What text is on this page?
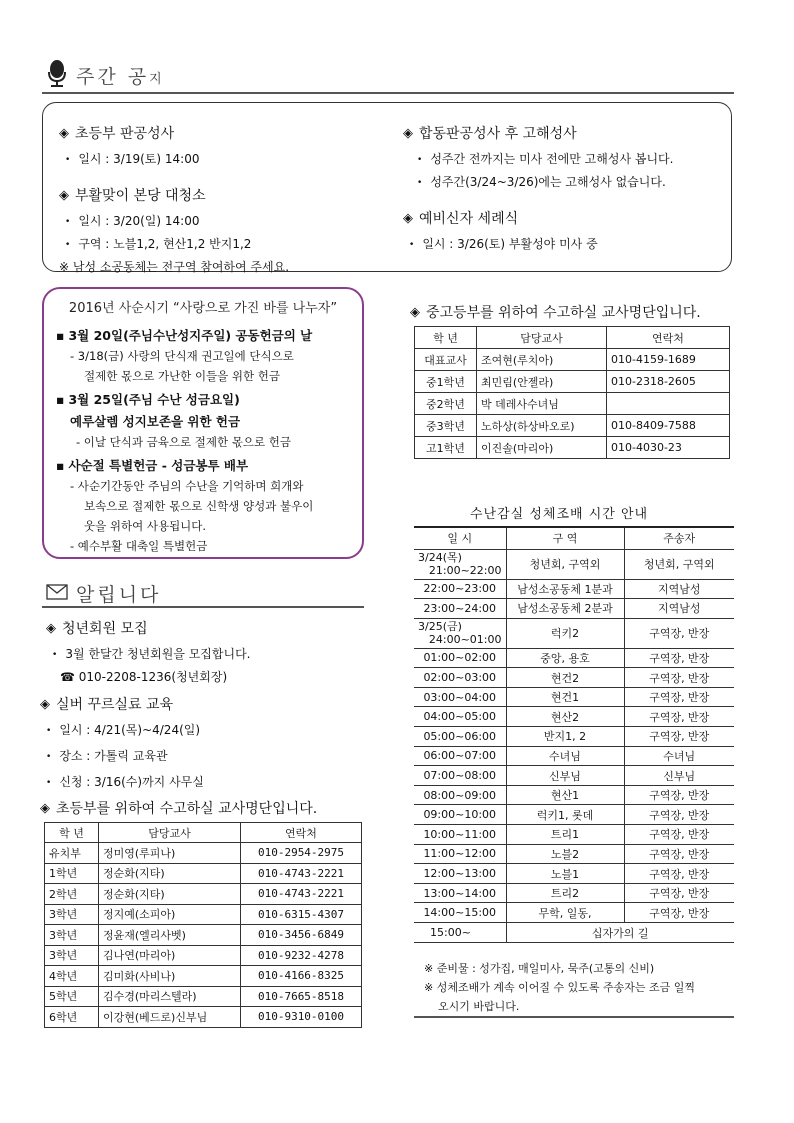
주간 공지
◈ 초등부 판공성사
• 일시 : 3/19(토) 14:00
◈ 부활맞이 본당 대청소
• 일시 : 3/20(일) 14:00
• 구역 : 노블1,2, 현산1,2 반지1,2
※ 남성 소공동체는 전구역 참여하여 주세요.
◈ 합동판공성사 후 고해성사
• 성주간 전까지는 미사 전에만 고해성사 봅니다.
• 성주간(3/24~3/26)에는 고해성사 없습니다.
◈ 예비신자 세례식
• 일시 : 3/26(토) 부활성야 미사 중
2016년 사순시기 “사랑으로 가진 바를 나누자”
▪ 3월 20일(주님수난성지주일) 공동헌금의 날
- 3/18(금) 사랑의 단식재 권고일에 단식으로
절제한 몫으로 가난한 이들을 위한 헌금
▪ 3월 25일(주님 수난 성금요일)
예루살렘 성지보존을 위한 헌금
- 이날 단식과 금육으로 절제한 몫으로 헌금
▪ 사순절 특별헌금 - 성금봉투 배부
- 사순기간동안 주님의 수난을 기억하며 희개와
보속으로 절제한 몫으로 신학생 양성과 불우이
웃을 위하여 사용됩니다.
- 예수부활 대축일 특별헌금
알립니다
◈ 청년회원 모집
• 3월 한달간 청년회원을 모집합니다.
☎ 010-2208-1236(청년회장)
◈ 실버 꾸르실료 교육
• 일시 : 4/21(목)~4/24(일)
• 장소 : 가톨릭 교육관
• 신청 : 3/16(수)까지 사무실
◈ 초등부를 위하여 수고하실 교사명단입니다.
학 년	담당교사	연락처
유치부	정미영(루피나)	010-2954-2975
1학년	정순화(지타)	010-4743-2221
2학년	정순화(지타)	010-4743-2221
3학년	정지예(소피아)	010-6315-4307
3학년	정윤재(엘리사벳)	010-3456-6849
3학년	김나연(마리아)	010-9232-4278
4학년	김미화(사비나)	010-4166-8325
5학년	김수경(마리스텔라)	010-7665-8518
6학년	이강현(베드로)신부님	010-9310-0100
◈ 중고등부를 위하여 수고하실 교사명단입니다.
학 년	담당교사	연락처
대표교사	조여현(루치아)	010-4159-1689
중1학년	최민림(안젤라)	010-2318-2605
중2학년	박 데레사수녀님	
중3학년	노하상(하상바오로)	010-8409-7588
고1학년	이진솔(마리아)	010-4030-23
수난감실 성체조배 시간 안내
일 시	구 역	주송자

3/24(목)
21:00~22:00	청년회, 구역외	청년회, 구역외
22:00~23:00	남성소공동체 1분과	지역남성
23:00~24:00	남성소공동체 2분과	지역남성

3/25(금)
24:00~01:00	럭키2	구역장, 반장
01:00~02:00	중앙, 용호	구역장, 반장
02:00~03:00	현건2	구역장, 반장
03:00~04:00	현건1	구역장, 반장
04:00~05:00	현산2	구역장, 반장
05:00~06:00	반지1, 2	구역장, 반장
06:00~07:00	수녀님	수녀님
07:00~08:00	신부님	신부님
08:00~09:00	현산1	구역장, 반장
09:00~10:00	럭키1, 롯데	구역장, 반장
10:00~11:00	트리1	구역장, 반장
11:00~12:00	노블2	구역장, 반장
12:00~13:00	노블1	구역장, 반장
13:00~14:00	트리2	구역장, 반장
14:00~15:00	무학, 일동,	구역장, 반장
15:00~	십자가의 길	
※ 준비물 : 성가집, 매일미사, 묵주(고통의 신비)
※ 성체조배가 계속 이어질 수 있도록 주송자는 조금 일찍
오시기 바랍니다.
